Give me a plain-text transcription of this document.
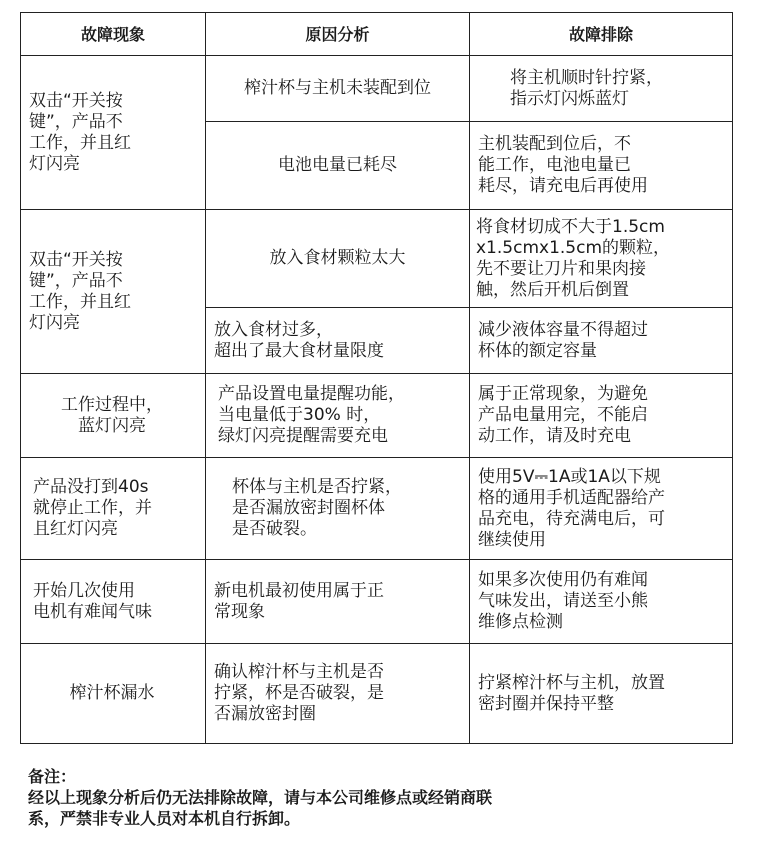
故障现象	原因分析	故障排除
双击“开关按
键”，产品不
工作，并且红
灯闪亮	榨汁杯与主机未装配到位	将主机顺时针拧紧，
指示灯闪烁蓝灯
	电池电量已耗尽	主机装配到位后，不
能工作，电池电量已
耗尽，请充电后再使用
双击“开关按
键”，产品不
工作，并且红
灯闪亮	放入食材颗粒太大	将食材切成不大于1.5cm
x1.5cmx1.5cm的颗粒，
先不要让刀片和果肉接
触，然后开机后倒置
	放入食材过多，
超出了最大食材量限度	减少液体容量不得超过
杯体的额定容量
工作过程中，
蓝灯闪亮	产品设置电量提醒功能，
当电量低于30% 时，
绿灯闪亮提醒需要充电	属于正常现象，为避免
产品电量用完，不能启
动工作，请及时充电
产品没打到40s
就停止工作，并
且红灯闪亮	杯体与主机是否拧紧，
是否漏放密封圈杯体
是否破裂。	使用5V⎓1A或1A以下规
格的通用手机适配器给产
品充电，待充满电后，可
继续使用
开始几次使用
电机有难闻气味	新电机最初使用属于正
常现象	如果多次使用仍有难闻
气味发出，请送至小熊
维修点检测
榨汁杯漏水	确认榨汁杯与主机是否
拧紧，杯是否破裂，是
否漏放密封圈	拧紧榨汁杯与主机，放置
密封圈并保持平整
备注：
经以上现象分析后仍无法排除故障，请与本公司维修点或经销商联
系，严禁非专业人员对本机自行拆卸。
